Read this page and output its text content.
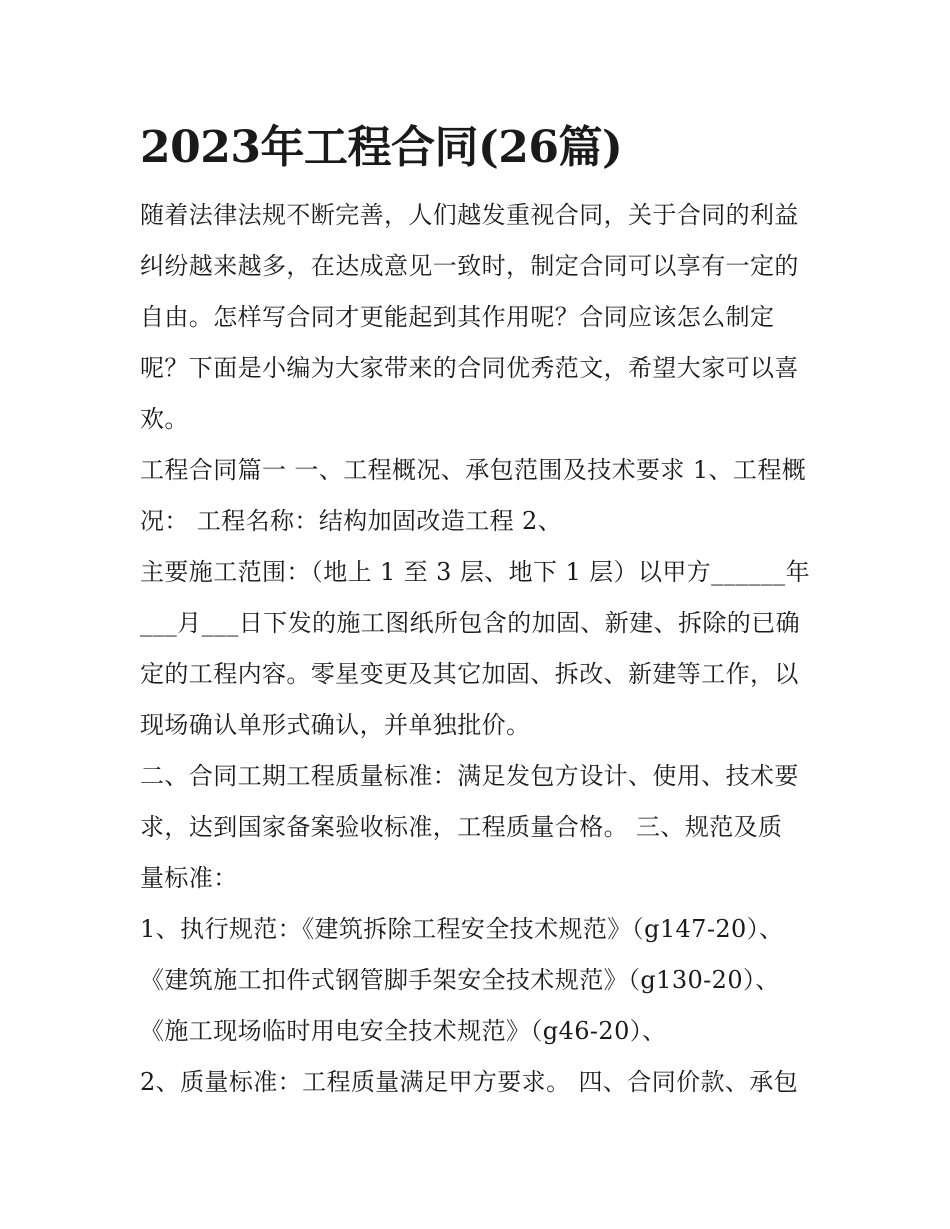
2023年工程合同(26篇)

随着法律法规不断完善，人们越发重视合同，关于合同的利益

纠纷越来越多，在达成意见一致时，制定合同可以享有一定的

自由。怎样写合同才更能起到其作用呢？合同应该怎么制定

呢？下面是小编为大家带来的合同优秀范文，希望大家可以喜

欢。

工程合同篇一 一、工程概况、承包范围及技术要求 1、工程概

况： 工程名称：结构加固改造工程 2、

主要施工范围：（地上 1 至 3 层、地下 1 层）以甲方______年

___月___日下发的施工图纸所包含的加固、新建、拆除的已确

定的工程内容。零星变更及其它加固、拆改、新建等工作，以

现场确认单形式确认，并单独批价。

二、合同工期工程质量标准：满足发包方设计、使用、技术要

求，达到国家备案验收标准，工程质量合格。 三、规范及质

量标准：

1、执行规范：《建筑拆除工程安全技术规范》（g147-20）、

《建筑施工扣件式钢管脚手架安全技术规范》（g130-20）、

《施工现场临时用电安全技术规范》（g46-20）、

2、质量标准：工程质量满足甲方要求。 四、合同价款、承包
